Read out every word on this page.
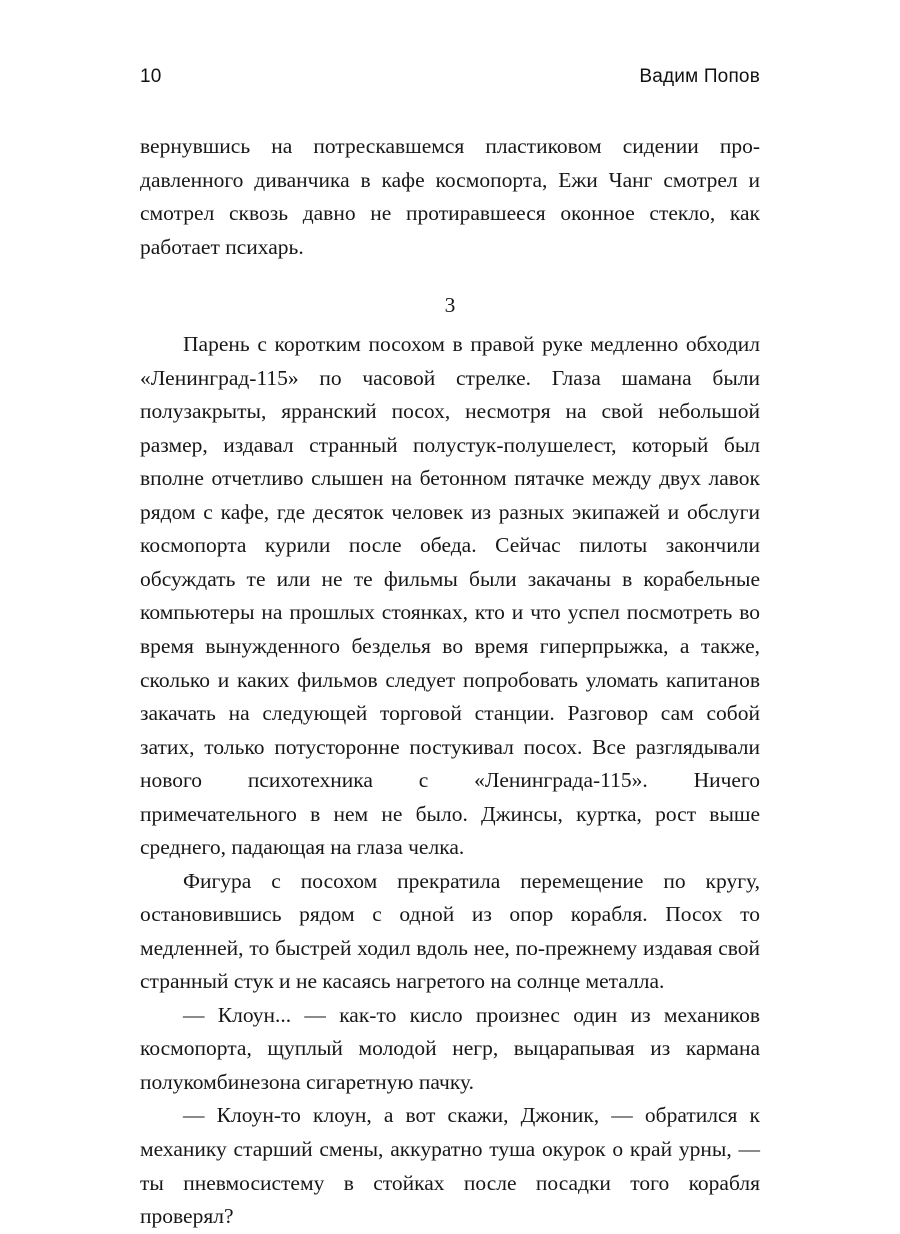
10	Вадим Попов

вернувшись на потрескавшемся пластиковом сидении продавленного диванчика в кафе космопорта, Ежи Чанг смотрел и смотрел сквозь давно не протиравшееся оконное стекло, как работает психарь.

3

Парень с коротким посохом в правой руке медленно обходил «Ленинград-115» по часовой стрелке. Глаза шамана были полузакрыты, ярранский посох, несмотря на свой небольшой размер, издавал странный полустук-полушелест, который был вполне отчетливо слышен на бетонном пятачке между двух лавок рядом с кафе, где десяток человек из разных экипажей и обслуги космопорта курили после обеда. Сейчас пилоты закончили обсуждать те или не те фильмы были закачаны в корабельные компьютеры на прошлых стоянках, кто и что успел посмотреть во время вынужденного безделья во время гиперпрыжка, а также, сколько и каких фильмов следует попробовать уломать капитанов закачать на следующей торговой станции. Разговор сам собой затих, только потусторонне постукивал посох. Все разглядывали нового психотехника с «Ленинграда-115». Ничего примечательного в нем не было. Джинсы, куртка, рост выше среднего, падающая на глаза челка.

Фигура с посохом прекратила перемещение по кругу, остановившись рядом с одной из опор корабля. Посох то медленней, то быстрей ходил вдоль нее, по-прежнему издавая свой странный стук и не касаясь нагретого на солнце металла.

— Клоун... — как-то кисло произнес один из механиков космопорта, щуплый молодой негр, выцарапывая из кармана полукомбинезона сигаретную пачку.

— Клоун-то клоун, а вот скажи, Джоник, — обратился к механику старший смены, аккуратно туша окурок о край урны, — ты пневмосистему в стойках после посадки того корабля проверял?
